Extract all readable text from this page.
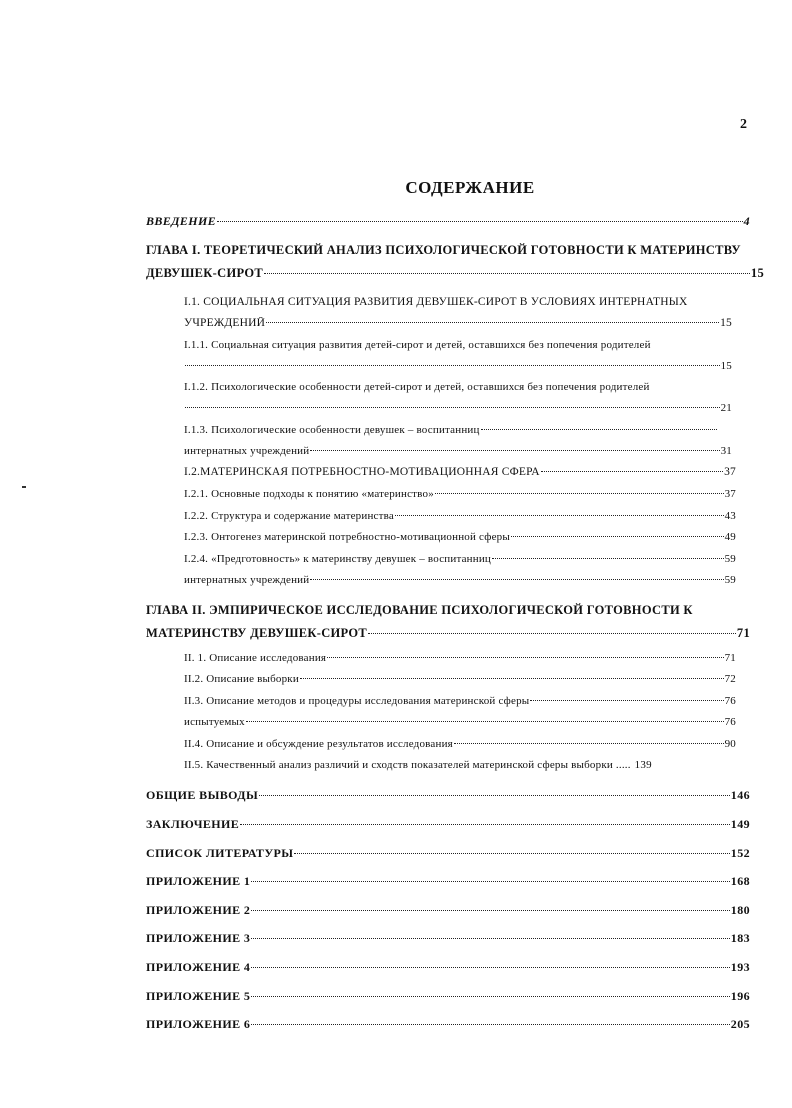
2
СОДЕРЖАНИЕ
ВВЕДЕНИЕ	4
ГЛАВА I. ТЕОРЕТИЧЕСКИЙ АНАЛИЗ ПСИХОЛОГИЧЕСКОЙ ГОТОВНОСТИ К МАТЕРИНСТВУ
ДЕВУШЕК-СИРОТ	15
I.1. СОЦИАЛЬНАЯ СИТУАЦИЯ РАЗВИТИЯ ДЕВУШЕК-СИРОТ В УСЛОВИЯХ ИНТЕРНАТНЫХ
УЧРЕЖДЕНИЙ	15
I.1.1. Социальная ситуация развития детей-сирот и детей, оставшихся без попечения родителей
15
I.1.2. Психологические особенности детей-сирот и детей, оставшихся без попечения родителей
21
I.1.3. Психологические особенности девушек – воспитанниц
интернатных учреждений	31
I.2.МАТЕРИНСКАЯ ПОТРЕБНОСТНО-МОТИВАЦИОННАЯ СФЕРА	37
I.2.1. Основные подходы к понятию «материнство»	37
I.2.2. Структура и содержание материнства	43
I.2.3. Онтогенез материнской потребностно-мотивационной сферы	49
I.2.4. «Предготовность» к материнству девушек – воспитанниц	59
интернатных учреждений	59
ГЛАВА II. ЭМПИРИЧЕСКОЕ ИССЛЕДОВАНИЕ ПСИХОЛОГИЧЕСКОЙ ГОТОВНОСТИ К
МАТЕРИНСТВУ ДЕВУШЕК-СИРОТ	71
II. 1. Описание исследования	71
II.2. Описание выборки	72
II.3. Описание методов и процедуры исследования материнской сферы	76
испытуемых	76
II.4. Описание и обсуждение результатов исследования	90
II.5. Качественный анализ различий и сходств показателей материнской сферы выборки ..... 139
ОБЩИЕ ВЫВОДЫ	146
ЗАКЛЮЧЕНИЕ	149
СПИСОК ЛИТЕРАТУРЫ	152
ПРИЛОЖЕНИЕ 1	168
ПРИЛОЖЕНИЕ 2	180
ПРИЛОЖЕНИЕ 3	183
ПРИЛОЖЕНИЕ 4	193
ПРИЛОЖЕНИЕ 5	196
ПРИЛОЖЕНИЕ 6	205
